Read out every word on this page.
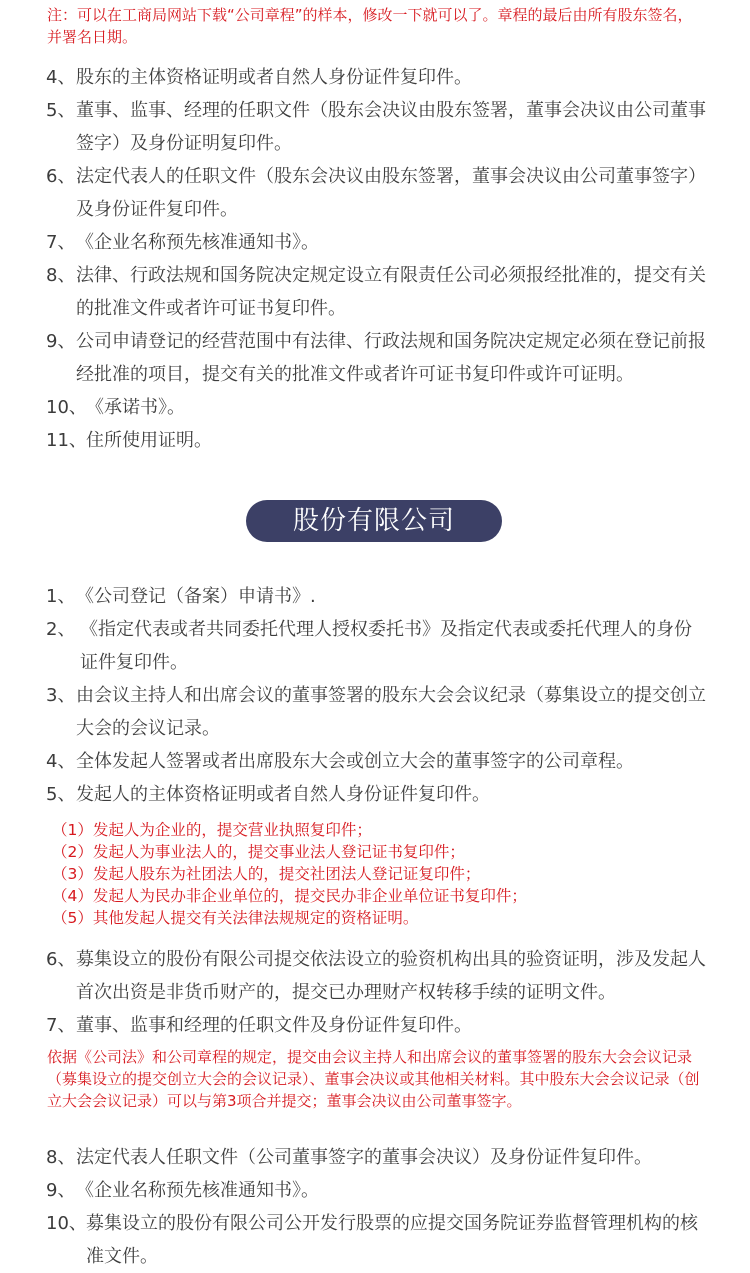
注：可以在工商局网站下载“公司章程”的样本，修改一下就可以了。章程的最后由所有股东签名，并署名日期。

4、 股东的主体资格证明或者自然人身份证件复印件。
5、 董事、监事、经理的任职文件（股东会决议由股东签署，董事会决议由公司董事签字）及身份证明复印件。
6、 法定代表人的任职文件（股东会决议由股东签署，董事会决议由公司董事签字）及身份证件复印件。
7、 《企业名称预先核准通知书》。
8、 法律、行政法规和国务院决定规定设立有限责任公司必须报经批准的，提交有关的批准文件或者许可证书复印件。
9、 公司申请登记的经营范围中有法律、行政法规和国务院决定规定必须在登记前报经批准的项目，提交有关的批准文件或者许可证书复印件或许可证明。
10、 《承诺书》。
11、 住所使用证明。
股份有限公司
1、 《公司登记（备案）申请书》.
2、 《指定代表或者共同委托代理人授权委托书》及指定代表或委托代理人的身份证件复印件。
3、 由会议主持人和出席会议的董事签署的股东大会会议纪录（募集设立的提交创立大会的会议记录。
4、 全体发起人签署或者出席股东大会或创立大会的董事签字的公司章程。
5、 发起人的主体资格证明或者自然人身份证件复印件。

（1）发起人为企业的，提交营业执照复印件；

（2）发起人为事业法人的，提交事业法人登记证书复印件；

（3）发起人股东为社团法人的，提交社团法人登记证复印件；

（4）发起人为民办非企业单位的，提交民办非企业单位证书复印件；

（5）其他发起人提交有关法律法规规定的资格证明。

6、 募集设立的股份有限公司提交依法设立的验资机构出具的验资证明，涉及发起人首次出资是非货币财产的，提交已办理财产权转移手续的证明文件。
7、 董事、监事和经理的任职文件及身份证件复印件。

依据《公司法》和公司章程的规定，提交由会议主持人和出席会议的董事签署的股东大会会议记录（募集设立的提交创立大会的会议记录）、董事会决议或其他相关材料。其中股东大会会议记录（创立大会会议记录）可以与第3项合并提交；董事会决议由公司董事签字。

8、 法定代表人任职文件（公司董事签字的董事会决议）及身份证件复印件。
9、 《企业名称预先核准通知书》。
10、 募集设立的股份有限公司公开发行股票的应提交国务院证券监督管理机构的核准文件。
